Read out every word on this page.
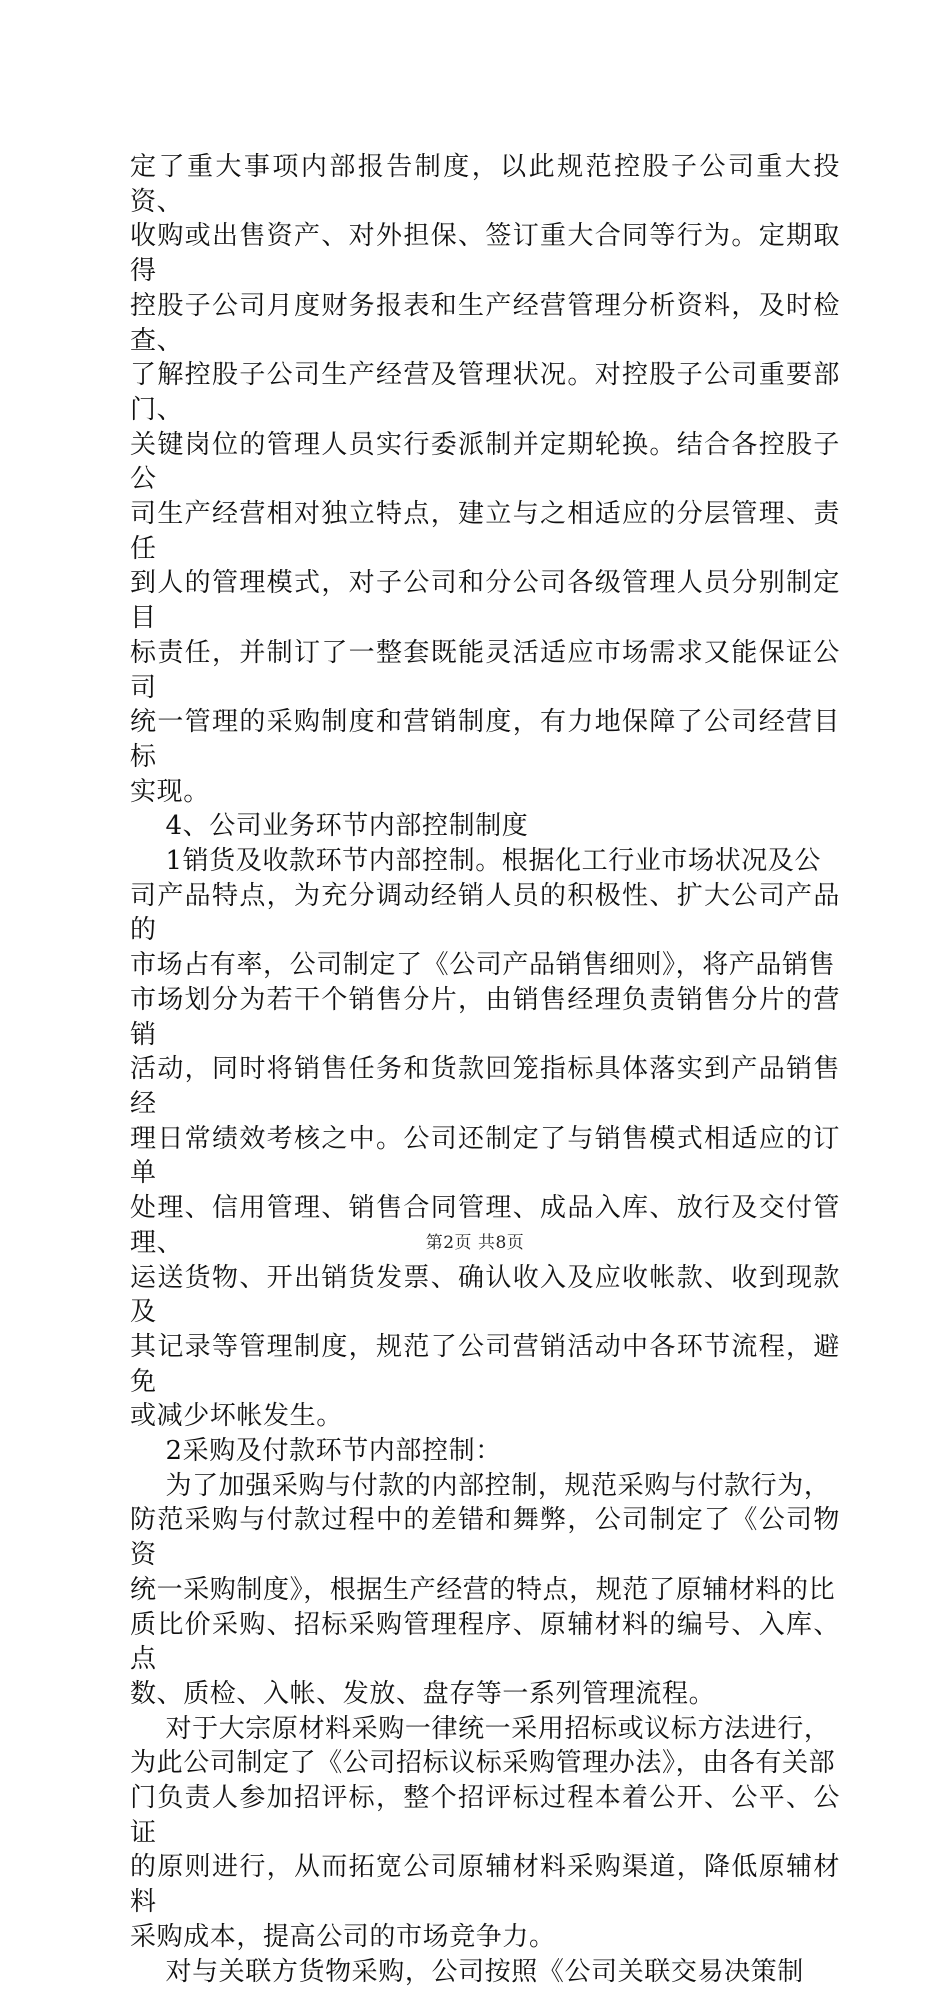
定了重大事项内部报告制度，以此规范控股子公司重大投资、
收购或出售资产、对外担保、签订重大合同等行为。定期取得
控股子公司月度财务报表和生产经营管理分析资料，及时检查、
了解控股子公司生产经营及管理状况。对控股子公司重要部门、
关键岗位的管理人员实行委派制并定期轮换。结合各控股子公
司生产经营相对独立特点，建立与之相适应的分层管理、责任
到人的管理模式，对子公司和分公司各级管理人员分别制定目
标责任，并制订了一整套既能灵活适应市场需求又能保证公司
统一管理的采购制度和营销制度，有力地保障了公司经营目标
实现。

4、公司业务环节内部控制制度

1销货及收款环节内部控制。根据化工行业市场状况及公
司产品特点，为充分调动经销人员的积极性、扩大公司产品的
市场占有率，公司制定了《公司产品销售细则》，将产品销售
市场划分为若干个销售分片，由销售经理负责销售分片的营销
活动，同时将销售任务和货款回笼指标具体落实到产品销售经
理日常绩效考核之中。公司还制定了与销售模式相适应的订单
处理、信用管理、销售合同管理、成品入库、放行及交付管理、
运送货物、开出销货发票、确认收入及应收帐款、收到现款及
其记录等管理制度，规范了公司营销活动中各环节流程，避免
或减少坏帐发生。

2采购及付款环节内部控制：

为了加强采购与付款的内部控制，规范采购与付款行为，
防范采购与付款过程中的差错和舞弊，公司制定了《公司物资
统一采购制度》，根据生产经营的特点，规范了原辅材料的比
质比价采购、招标采购管理程序、原辅材料的编号、入库、点
数、质检、入帐、发放、盘存等一系列管理流程。

对于大宗原材料采购一律统一采用招标或议标方法进行，
为此公司制定了《公司招标议标采购管理办法》，由各有关部
门负责人参加招评标，整个招评标过程本着公开、公平、公证
的原则进行，从而拓宽公司原辅材料采购渠道，降低原辅材料
采购成本，提高公司的市场竞争力。

对与关联方货物采购，公司按照《公司关联交易决策制

第2页 共8页
